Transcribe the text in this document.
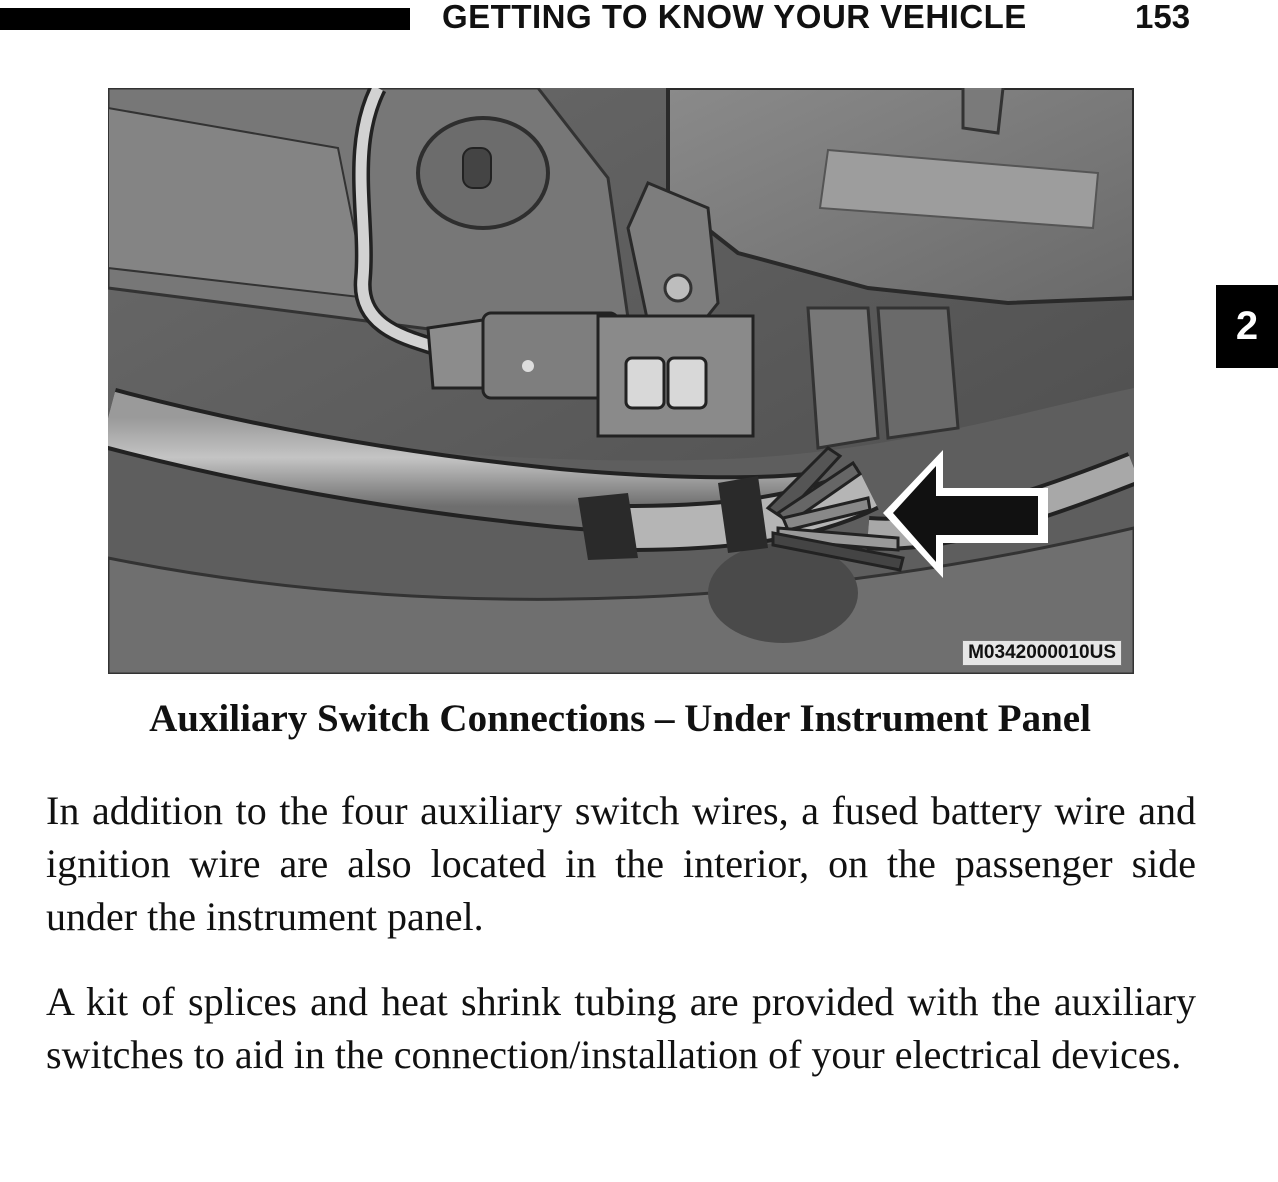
GETTING TO KNOW YOUR VEHICLE	153
2
M0342000010US
Auxiliary Switch Connections – Under Instrument Panel
In addition to the four auxiliary switch wires, a fused battery wire and ignition wire are also located in the interior, on the passenger side under the instrument panel.
A kit of splices and heat shrink tubing are provided with the auxiliary switches to aid in the connection/installation of your electrical devices.
